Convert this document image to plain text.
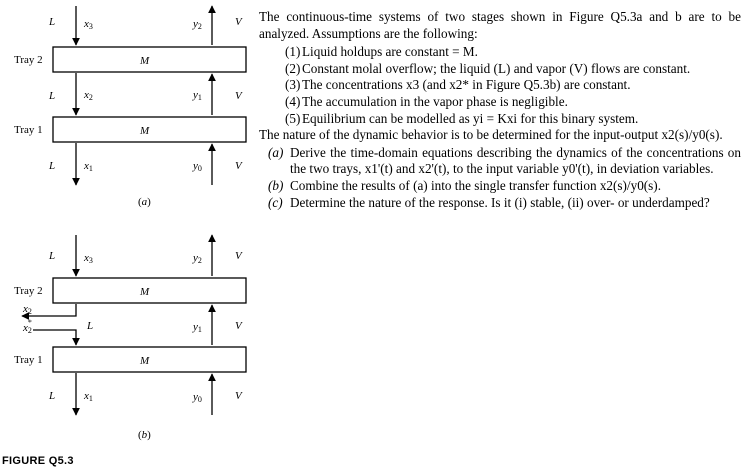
M
M
Tray 2
Tray 1
L
L
L
V
V
V
x3
x2
x1
y2
y1
y0
(a)
M
M
Tray 2
Tray 1
L
L
L
V
V
V
x3
x2
x2*
x1
y2
y1
y0
(b)
FIGURE Q5.3

The continuous-time systems of two stages shown in Figure Q5.3a and b are to be analyzed. Assumptions are the following:

(1) Liquid holdups are constant = M.
(2) Constant molal overflow; the liquid (L) and vapor (V) flows are constant.
(3) The concentrations x3 (and x2* in Figure Q5.3b) are constant.
(4) The accumulation in the vapor phase is negligible.
(5) Equilibrium can be modelled as yi = Kxi for this binary system.

The nature of the dynamic behavior is to be determined for the input-output x2(s)/y0(s).

(a) Derive the time-domain equations describing the dynamics of the concentrations on the two trays, x1'(t) and x2'(t), to the input variable y0'(t), in deviation variables.
(b) Combine the results of (a) into the single transfer function x2(s)/y0(s).
(c) Determine the nature of the response. Is it (i) stable, (ii) over- or underdamped?
